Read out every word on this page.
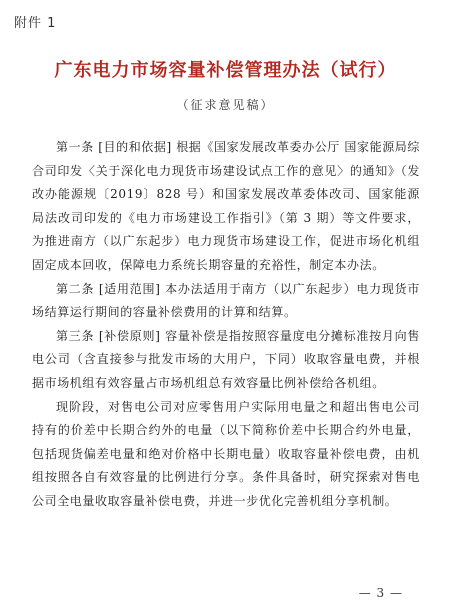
附件 1
广东电力市场容量补偿管理办法（试行）
（征求意见稿）

第一条 [目的和依据] 根据《国家发展改革委办公厅 国家能源局综合司印发〈关于深化电力现货市场建设试点工作的意见〉的通知》（发改办能源规〔2019〕828 号）和国家发展改革委体改司、国家能源局法改司印发的《电力市场建设工作指引》（第 3 期）等文件要求，为推进南方（以广东起步）电力现货市场建设工作，促进市场化机组固定成本回收，保障电力系统长期容量的充裕性，制定本办法。

第二条 [适用范围] 本办法适用于南方（以广东起步）电力现货市场结算运行期间的容量补偿费用的计算和结算。

第三条 [补偿原则] 容量补偿是指按照容量度电分摊标准按月向售电公司（含直接参与批发市场的大用户，下同）收取容量电费，并根据市场机组有效容量占市场机组总有效容量比例补偿给各机组。

现阶段，对售电公司对应零售用户实际用电量之和超出售电公司持有的价差中长期合约外的电量（以下简称价差中长期合约外电量，包括现货偏差电量和绝对价格中长期电量）收取容量补偿电费，由机组按照各自有效容量的比例进行分享。条件具备时，研究探索对售电公司全电量收取容量补偿电费，并进一步优化完善机组分享机制。

— 3 —
